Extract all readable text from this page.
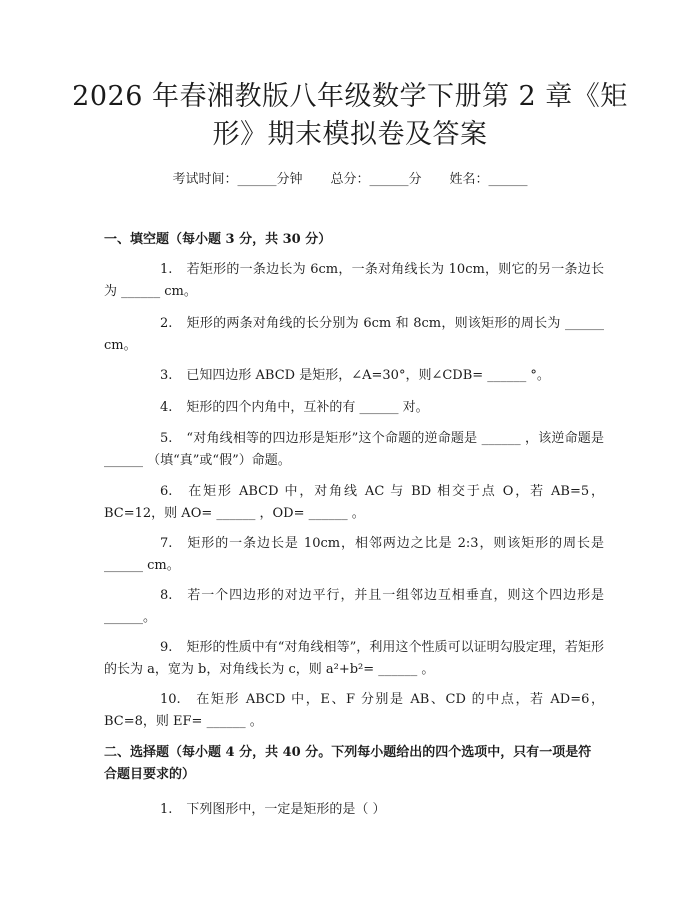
2026 年春湘教版八年级数学下册第 2 章《矩
形》期末模拟卷及答案
考试时间：______分钟 总分：______分 姓名：______
一、填空题（每小题 3 分，共 30 分）
1. 若矩形的一条边长为 6cm，一条对角线长为 10cm，则它的另一条边长为 ______ cm。
2. 矩形的两条对角线的长分别为 6cm 和 8cm，则该矩形的周长为 ______ cm。
3. 已知四边形 ABCD 是矩形，∠A=30°，则∠CDB= ______ °。
4. 矩形的四个内角中，互补的有 ______ 对。
5. “对角线相等的四边形是矩形”这个命题的逆命题是 ______ ，该逆命题是 ______ （填“真”或“假”）命题。
6. 在矩形 ABCD 中，对角线 AC 与 BD 相交于点 O，若 AB=5，BC=12，则 AO= ______ ，OD= ______ 。
7. 矩形的一条边长是 10cm，相邻两边之比是 2:3，则该矩形的周长是 ______ cm。
8. 若一个四边形的对边平行，并且一组邻边互相垂直，则这个四边形是 ______。
9. 矩形的性质中有“对角线相等”，利用这个性质可以证明勾股定理，若矩形的长为 a，宽为 b，对角线长为 c，则 a²+b²= ______ 。
10. 在矩形 ABCD 中，E、F 分别是 AB、CD 的中点，若 AD=6，BC=8，则 EF= ______ 。
二、选择题（每小题 4 分，共 40 分。下列每小题给出的四个选项中，只有一项是符合题目要求的）
1. 下列图形中，一定是矩形的是（ ）
